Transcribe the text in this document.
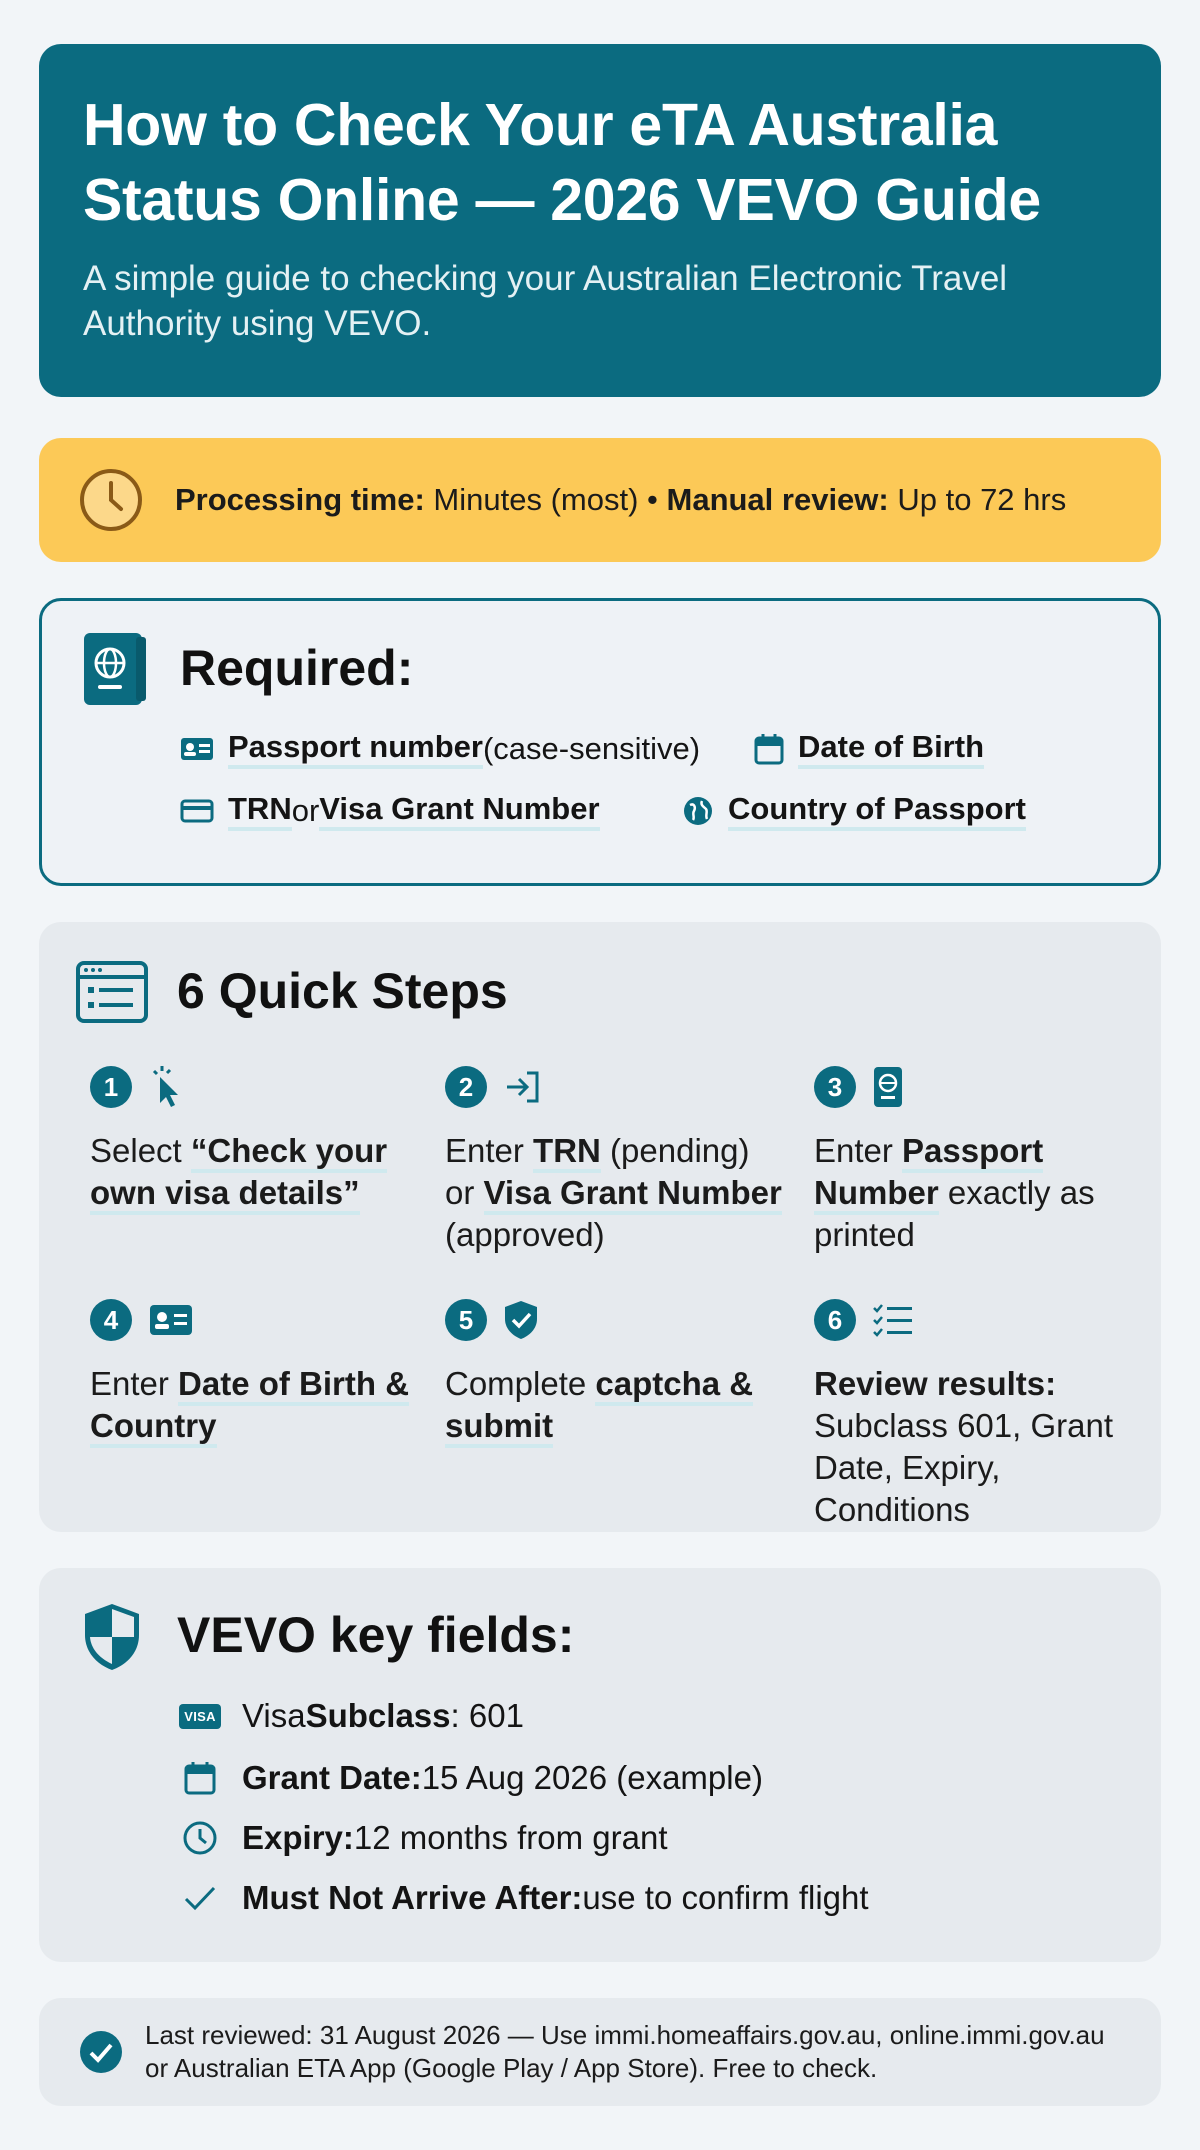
How to Check Your eTA Australia
Status Online — 2026 VEVO Guide

A simple guide to checking your Australian Electronic Travel
Authority using VEVO.

Processing time: Minutes (most) • Manual review: Up to 72 hrs
Required:
Passport number (case-sensitive)	Date of Birth
TRN or Visa Grant Number	Country of Passport
6 Quick Steps
1
Select “Check your own visa details”
2
Enter TRN (pending) or Visa Grant Number (approved)
3
Enter Passport Number exactly as printed
4
Enter Date of Birth & Country
5
Complete captcha & submit
6
Review results: Subclass 601, Grant Date, Expiry, Conditions
VEVO key fields:
VISA Visa Subclass : 601
Grant Date: 15 Aug 2026 (example)
Expiry: 12 months from grant
Must Not Arrive After: use to confirm flight
Last reviewed: 31 August 2026 — Use immi.homeaffairs.gov.au, online.immi.gov.au
or Australian ETA App (Google Play / App Store). Free to check.
